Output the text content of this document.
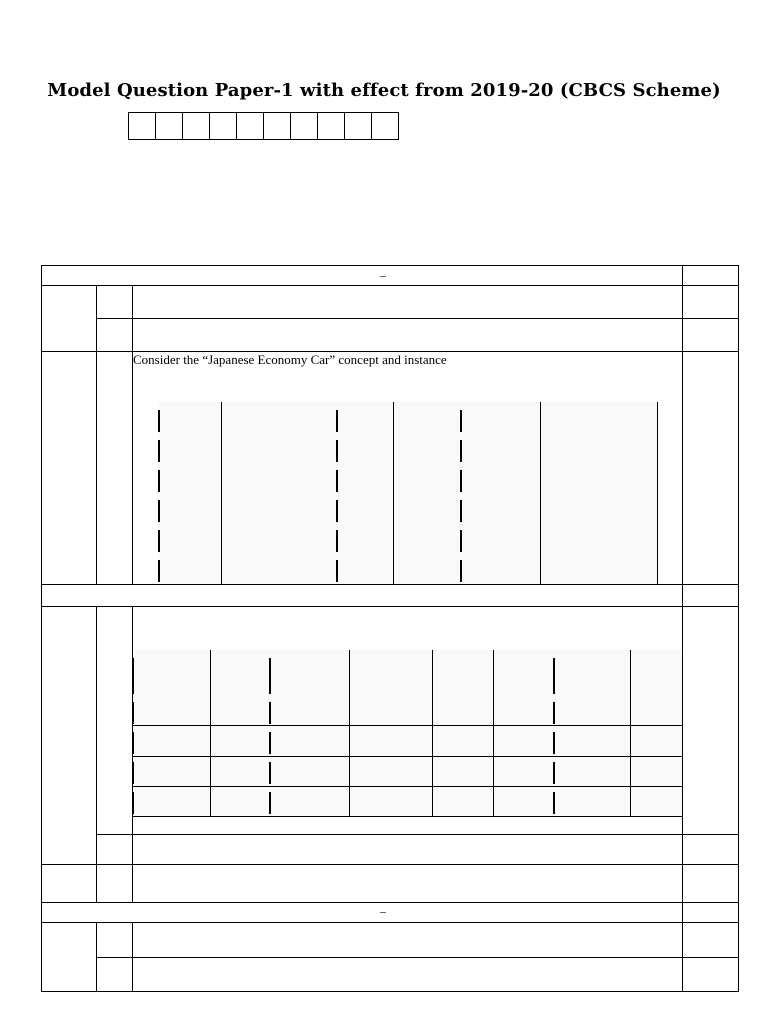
Model Question Paper-1 with effect from 2019-20 (CBCS Scheme)
–
–
Consider the “Japanese Economy Car” concept and instance
